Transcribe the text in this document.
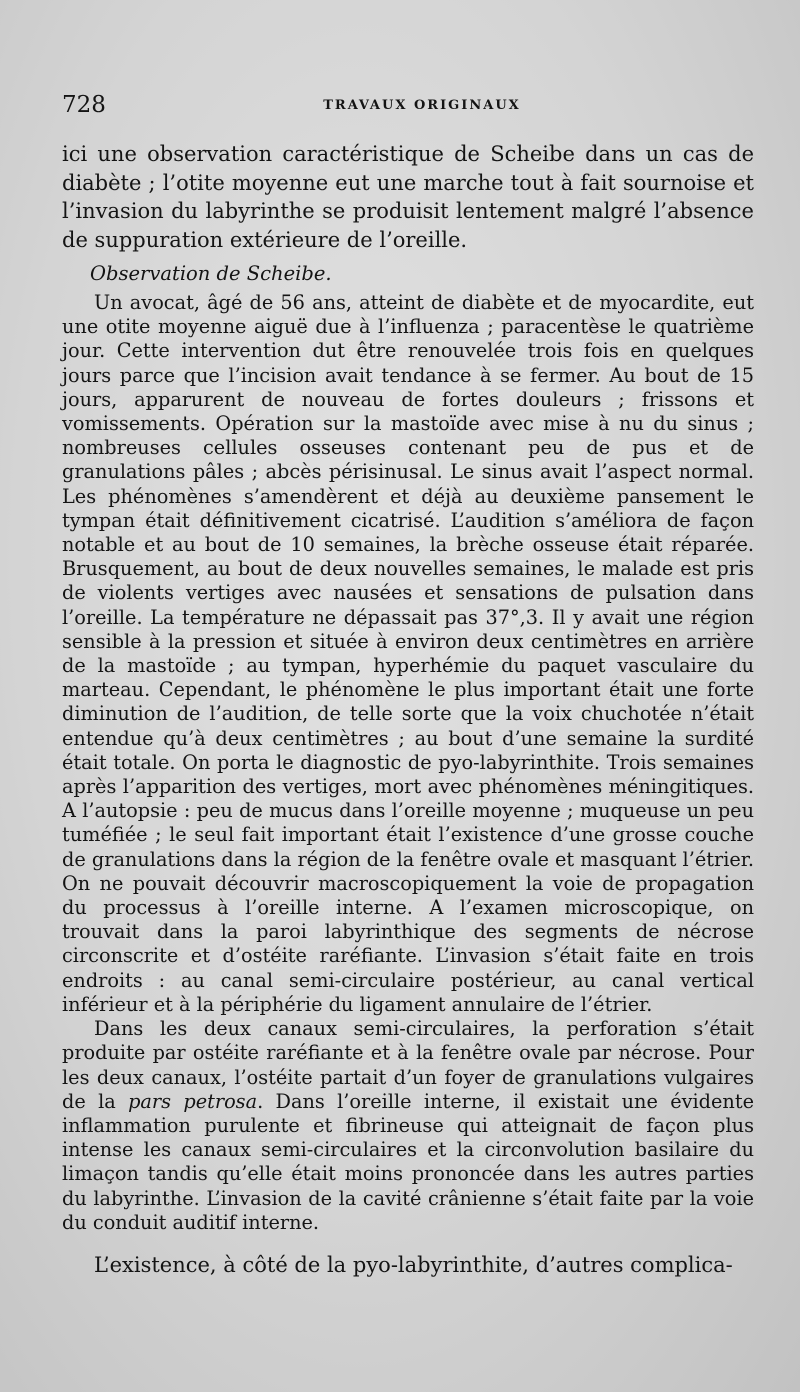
728	TRAVAUX ORIGINAUX

ici une observation caractéristique de Scheibe dans un cas de diabète ; l’otite moyenne eut une marche tout à fait sournoise et l’invasion du labyrinthe se produisit lentement malgré l’absence de suppuration extérieure de l’oreille.

Observation de Scheibe.

Un avocat, âgé de 56 ans, atteint de diabète et de myocardite, eut une otite moyenne aiguë due à l’influenza ; paracentèse le quatrième jour. Cette intervention dut être renouvelée trois fois en quelques jours parce que l’incision avait tendance à se fermer. Au bout de 15 jours, apparurent de nouveau de fortes douleurs ; frissons et vomissements. Opération sur la mastoïde avec mise à nu du sinus ; nombreuses cellules osseuses contenant peu de pus et de granulations pâles ; abcès périsinusal. Le sinus avait l’aspect normal. Les phénomènes s’amendèrent et déjà au deuxième pansement le tympan était définitivement cicatrisé. L’audition s’améliora de façon notable et au bout de 10 semaines, la brèche osseuse était réparée. Brusquement, au bout de deux nouvelles semaines, le malade est pris de violents vertiges avec nausées et sensations de pulsation dans l’oreille. La température ne dépassait pas 37°,3. Il y avait une région sensible à la pression et située à environ deux centimètres en arrière de la mastoïde ; au tympan, hyperhémie du paquet vasculaire du marteau. Cependant, le phénomène le plus important était une forte diminution de l’audition, de telle sorte que la voix chuchotée n’était entendue qu’à deux centimètres ; au bout d’une semaine la surdité était totale. On porta le diagnostic de pyo-labyrinthite. Trois semaines après l’apparition des vertiges, mort avec phénomènes méningitiques. A l’autopsie : peu de mucus dans l’oreille moyenne ; muqueuse un peu tuméfiée ; le seul fait important était l’existence d’une grosse couche de granulations dans la région de la fenêtre ovale et masquant l’étrier. On ne pouvait découvrir macroscopiquement la voie de propagation du processus à l’oreille interne. A l’examen microscopique, on trouvait dans la paroi labyrinthique des segments de nécrose circonscrite et d’ostéite raréfiante. L’invasion s’était faite en trois endroits : au canal semi-circulaire postérieur, au canal vertical inférieur et à la périphérie du ligament annulaire de l’étrier.

Dans les deux canaux semi-circulaires, la perforation s’était produite par ostéite raréfiante et à la fenêtre ovale par nécrose. Pour les deux canaux, l’ostéite partait d’un foyer de granulations vulgaires de la pars petrosa. Dans l’oreille interne, il existait une évidente inflammation purulente et fibrineuse qui atteignait de façon plus intense les canaux semi-circulaires et la circonvolution basilaire du limaçon tandis qu’elle était moins prononcée dans les autres parties du labyrinthe. L’invasion de la cavité crânienne s’était faite par la voie du conduit auditif interne.

L’existence, à côté de la pyo-labyrinthite, d’autres complica-
